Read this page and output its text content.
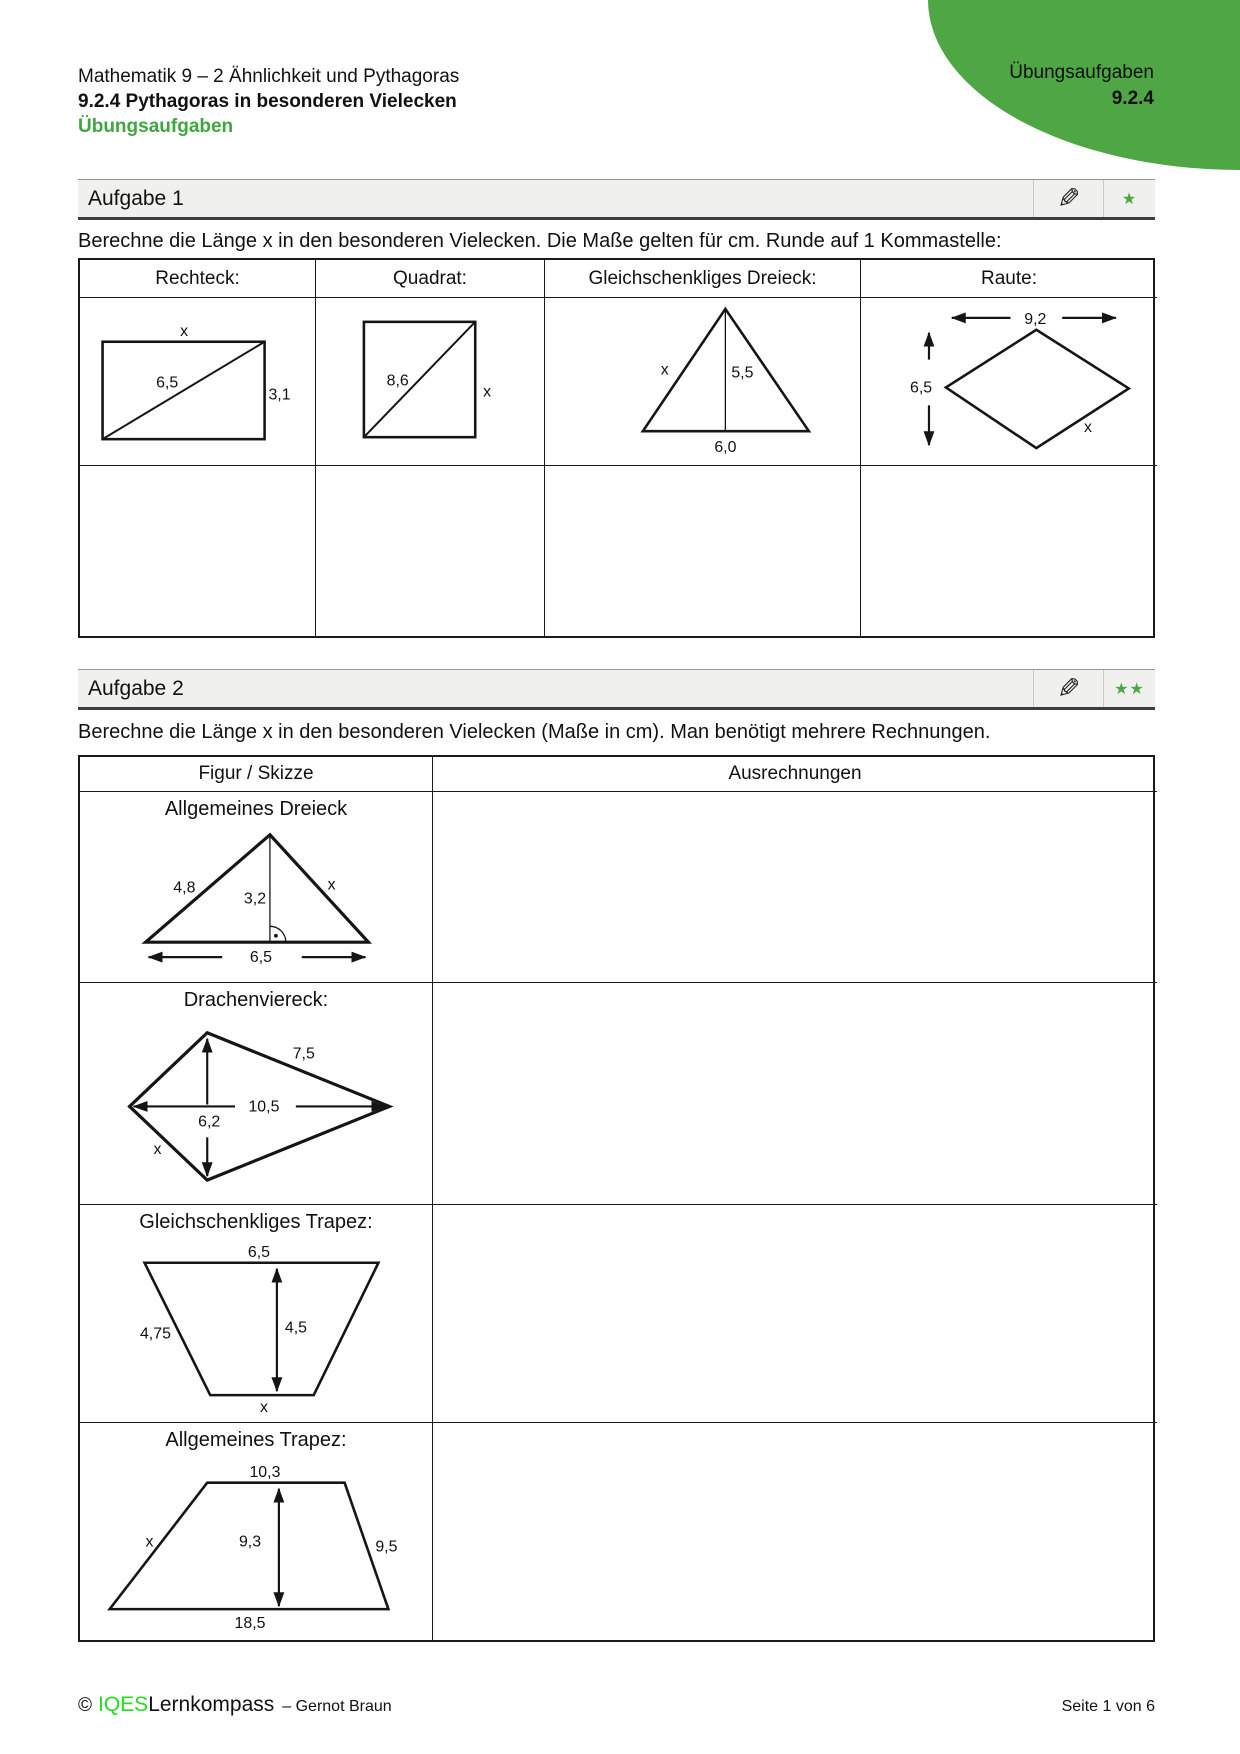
Übungsaufgaben
9.2.4
Mathematik 9 – 2 Ähnlichkeit und Pythagoras
9.2.4 Pythagoras in besonderen Vielecken
Übungsaufgaben
Aufgabe 1	✎	★
Berechne die Länge x in den besonderen Vielecken. Die Maße gelten für cm. Runde auf 1 Kommastelle:
Rechteck:	Quadrat:	Gleichschenkliges Dreieck:	Raute:
x
6,5
3,1
8,6
x
x	5,5
6,0
9,2
6,5
x
Aufgabe 2	✎	★★
Berechne die Länge x in den besonderen Vielecken (Maße in cm). Man benötigt mehrere Rechnungen.
Figur / Skizze	Ausrechnungen
Allgemeines Dreieck
4,8
3,2
x
6,5
Drachenviereck:
10,5
6,2
7,5
x
Gleichschenkliges Trapez:
6,5
4,5
4,75
x
Allgemeines Trapez:
10,3
9,3	9,5
x
18,5
© IQES Lernkompass – Gernot Braun	Seite 1 von 6
